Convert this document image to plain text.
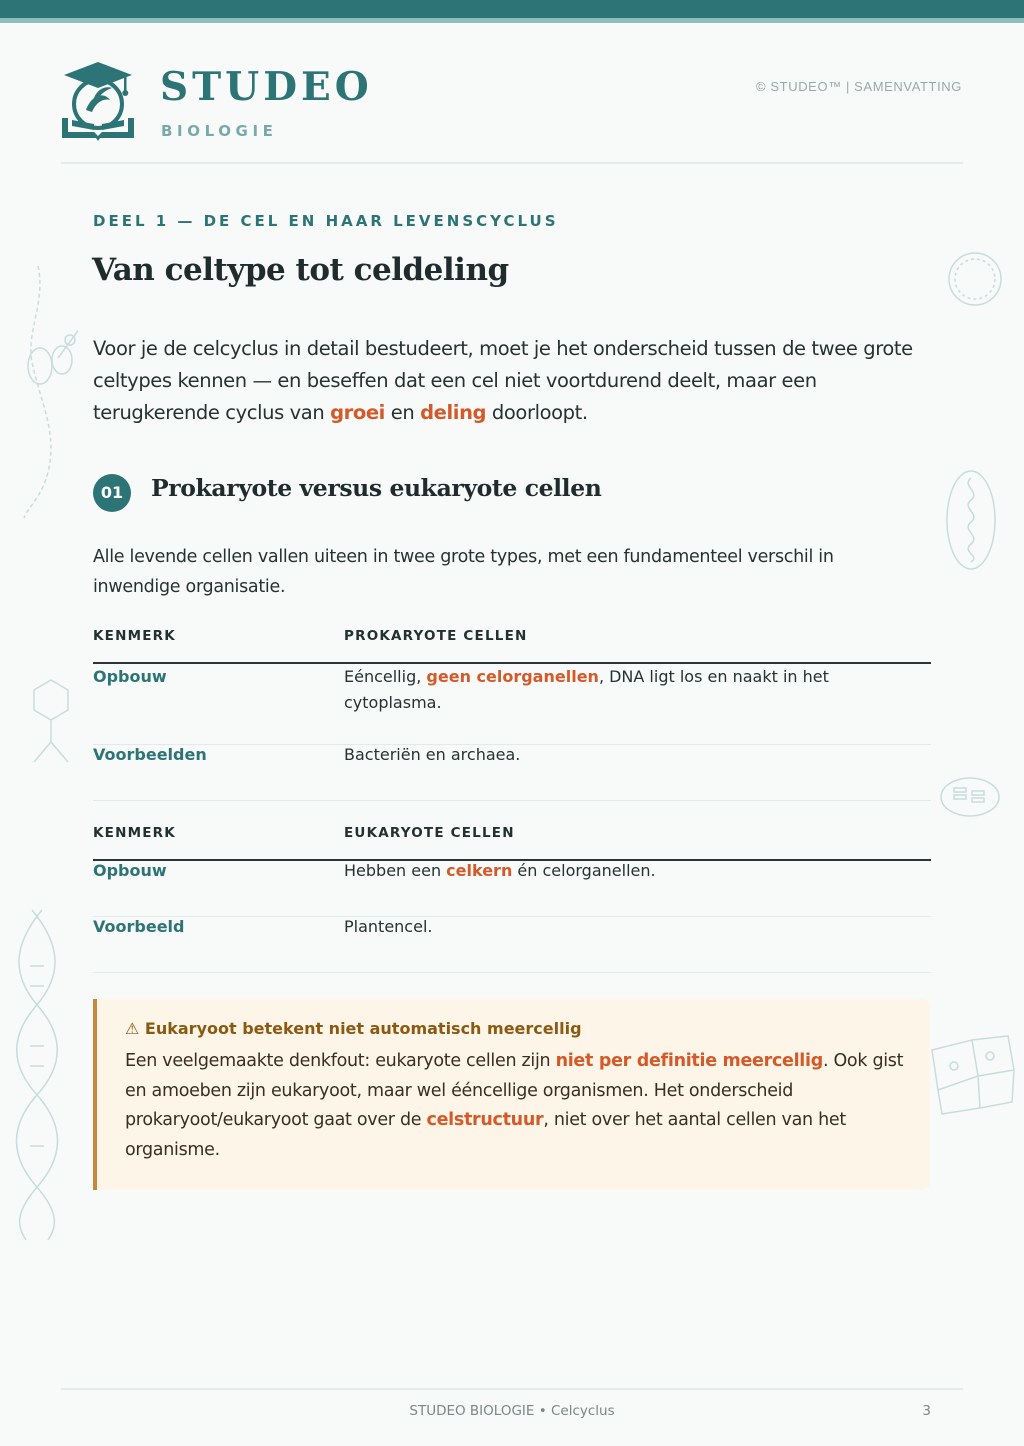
STUDEO
BIOLOGIE
© STUDEO™ | SAMENVATTING
DEEL 1 — DE CEL EN HAAR LEVENSCYCLUS
Van celtype tot celdeling

Voor je de celcyclus in detail bestudeert, moet je het onderscheid tussen de twee grote celtypes kennen — en beseffen dat een cel niet voortdurend deelt, maar een terugkerende cyclus van groei en deling doorloopt.

01	Prokaryote versus eukaryote cellen

Alle levende cellen vallen uiteen in twee grote types, met een fundamenteel verschil in inwendige organisatie.

KENMERK	PROKARYOTE CELLEN
Opbouw	Eéncellig, geen celorganellen, DNA ligt los en naakt in het cytoplasma.
Voorbeelden	Bacteriën en archaea.
KENMERK	EUKARYOTE CELLEN
Opbouw	Hebben een celkern én celorganellen.
Voorbeeld	Plantencel.
⚠ Eukaryoot betekent niet automatisch meercellig

Een veelgemaakte denkfout: eukaryote cellen zijn niet per definitie meercellig. Ook gist en amoeben zijn eukaryoot, maar wel ééncellige organismen. Het onderscheid prokaryoot/eukaryoot gaat over de celstructuur, niet over het aantal cellen van het organisme.

STUDEO BIOLOGIE • Celcyclus	3
